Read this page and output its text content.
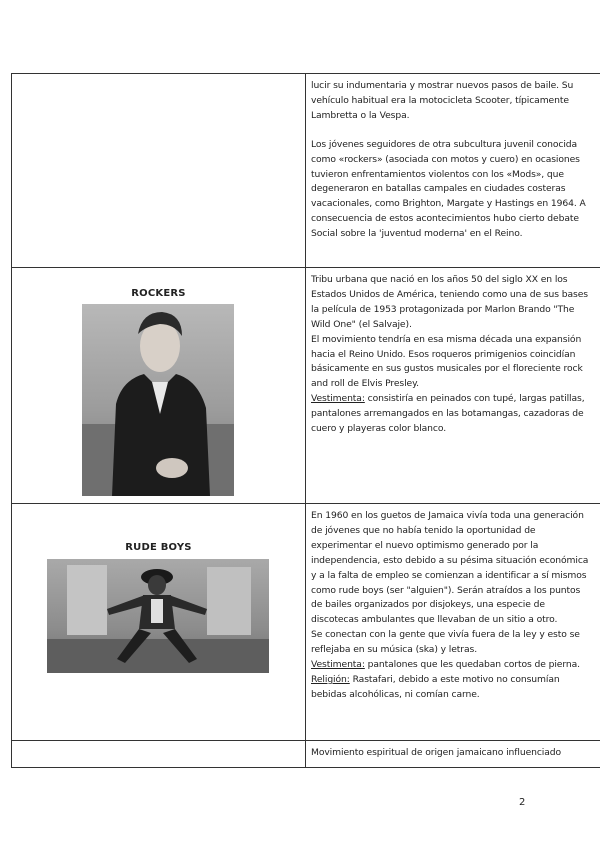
	lucir su indumentaria y mostrar nuevos pasos de baile. Su vehículo habitual era la motocicleta Scooter, típicamente Lambretta o la Vespa.

Los jóvenes seguidores de otra subcultura juvenil conocida como «rockers» (asociada con motos y cuero) en ocasiones tuvieron enfrentamientos violentos con los «Mods», que degeneraron en batallas campales en ciudades costeras vacacionales, como Brighton, Margate y Hastings en 1964. A consecuencia de estos acontecimientos hubo cierto debate Social sobre la 'juventud moderna' en el Reino.

ROCKERS	Tribu urbana que nació en los años 50 del siglo XX en los Estados Unidos de América, teniendo como una de sus bases la película de 1953 protagonizada por Marlon Brando "The Wild One" (el Salvaje).

El movimiento tendría en esa misma década una expansión hacia el Reino Unido. Esos roqueros primigenios coincidían básicamente en sus gustos musicales por el floreciente rock and roll de Elvis Presley.

Vestimenta: consistiría en peinados con tupé, largas patillas, pantalones arremangados en las botamangas, cazadoras de cuero y playeras color blanco.

RUDE BOYS	En 1960 en los guetos de Jamaica vivía toda una generación de jóvenes que no había tenido la oportunidad de experimentar el nuevo optimismo generado por la independencia, esto debido a su pésima situación económica y a la falta de empleo se comienzan a identificar a sí mismos como rude boys (ser "alguien"). Serán atraídos a los puntos de bailes organizados por disjokeys, una especie de discotecas ambulantes que llevaban de un sitio a otro.

Se conectan con la gente que vivía fuera de la ley y esto se reflejaba en su música (ska) y letras.

Vestimenta: pantalones que les quedaban cortos de pierna.

Religión: Rastafari, debido a este motivo no consumían bebidas alcohólicas, ni comían carne.

	Movimiento espiritual de origen jamaicano influenciado

2
